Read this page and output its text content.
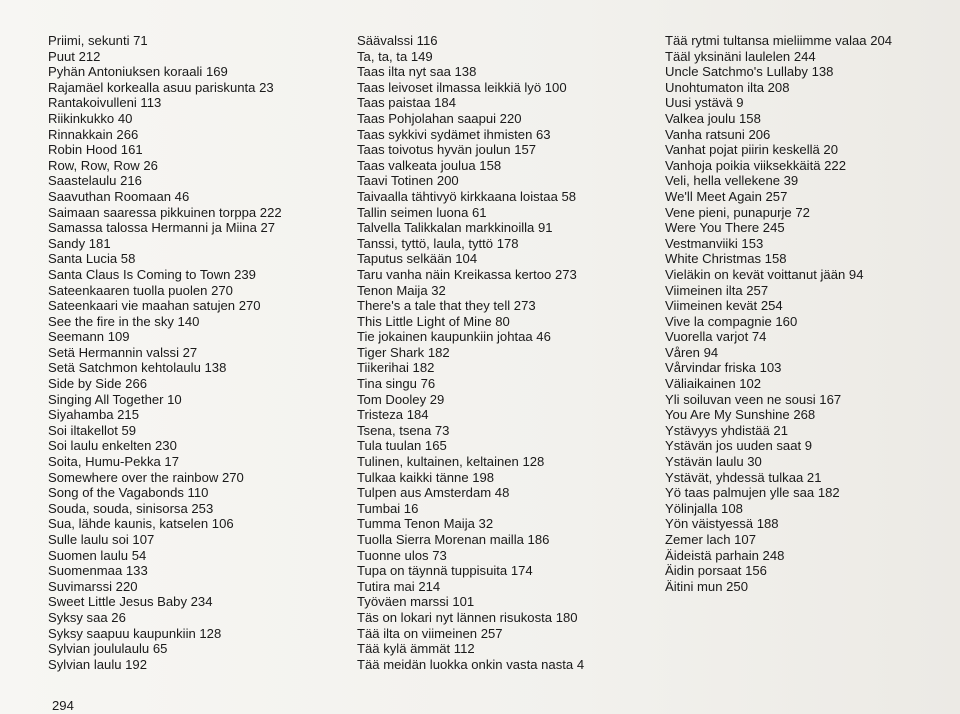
Priimi, sekunti 71
Puut 212
Pyhän Antoniuksen koraali 169
Rajamäel korkealla asuu pariskunta 23
Rantakoivulleni 113
Riikinkukko 40
Rinnakkain 266
Robin Hood 161
Row, Row, Row 26
Saastelaulu 216
Saavuthan Roomaan 46
Saimaan saaressa pikkuinen torppa 222
Samassa talossa Hermanni ja Miina 27
Sandy 181
Santa Lucia 58
Santa Claus Is Coming to Town 239
Sateenkaaren tuolla puolen 270
Sateenkaari vie maahan satujen 270
See the fire in the sky 140
Seemann 109
Setä Hermannin valssi 27
Setä Satchmon kehtolaulu 138
Side by Side 266
Singing All Together 10
Siyahamba 215
Soi iltakellot 59
Soi laulu enkelten 230
Soita, Humu-Pekka 17
Somewhere over the rainbow 270
Song of the Vagabonds 110
Souda, souda, sinisorsa 253
Sua, lähde kaunis, katselen 106
Sulle laulu soi 107
Suomen laulu 54
Suomenmaa 133
Suvimarssi 220
Sweet Little Jesus Baby 234
Syksy saa 26
Syksy saapuu kaupunkiin 128
Sylvian joululaulu 65
Sylvian laulu 192
Säävalssi 116
Ta, ta, ta 149
Taas ilta nyt saa 138
Taas leivoset ilmassa leikkiä lyö 100
Taas paistaa 184
Taas Pohjolahan saapui 220
Taas sykkivi sydämet ihmisten 63
Taas toivotus hyvän joulun 157
Taas valkeata joulua 158
Taavi Totinen 200
Taivaalla tähtivyö kirkkaana loistaa 58
Tallin seimen luona 61
Talvella Talikkalan markkinoilla 91
Tanssi, tyttö, laula, tyttö 178
Taputus selkään 104
Taru vanha näin Kreikassa kertoo 273
Tenon Maija 32
There's a tale that they tell 273
This Little Light of Mine 80
Tie jokainen kaupunkiin johtaa 46
Tiger Shark 182
Tiikerihai 182
Tina singu 76
Tom Dooley 29
Tristeza 184
Tsena, tsena 73
Tula tuulan 165
Tulinen, kultainen, keltainen 128
Tulkaa kaikki tänne 198
Tulpen aus Amsterdam 48
Tumbai 16
Tumma Tenon Maija 32
Tuolla Sierra Morenan mailla 186
Tuonne ulos 73
Tupa on täynnä tuppisuita 174
Tutira mai 214
Työväen marssi 101
Täs on lokari nyt lännen risukosta 180
Tää ilta on viimeinen 257
Tää kylä ämmät 112
Tää meidän luokka onkin vasta nasta 4
Tää rytmi tultansa mieliimme valaa 204
Tääl yksinäni laulelen 244
Uncle Satchmo's Lullaby 138
Unohtumaton ilta 208
Uusi ystävä 9
Valkea joulu 158
Vanha ratsuni 206
Vanhat pojat piirin keskellä 20
Vanhoja poikia viiksekkäitä 222
Veli, hella vellekene 39
We'll Meet Again 257
Vene pieni, punapurje 72
Were You There 245
Vestmanviiki 153
White Christmas 158
Vieläkin on kevät voittanut jään 94
Viimeinen ilta 257
Viimeinen kevät 254
Vive la compagnie 160
Vuorella varjot 74
Våren 94
Vårvindar friska 103
Väliaikainen 102
Yli soiluvan veen ne sousi 167
You Are My Sunshine 268
Ystävyys yhdistää 21
Ystävän jos uuden saat 9
Ystävän laulu 30
Ystävät, yhdessä tulkaa 21
Yö taas palmujen ylle saa 182
Yölinjalla 108
Yön väistyessä 188
Zemer lach 107
Äideistä parhain 248
Äidin porsaat 156
Äitini mun 250
294
